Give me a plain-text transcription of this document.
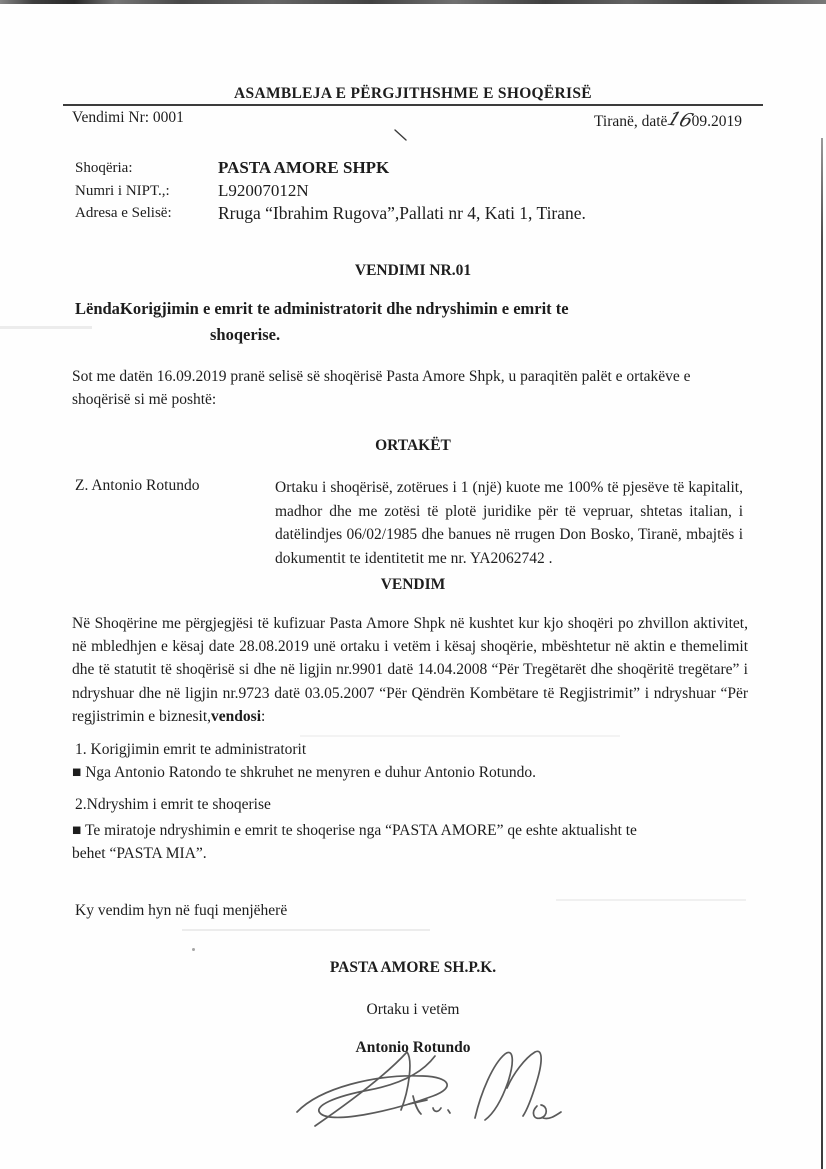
ASAMBLEJA E PËRGJITHSHME E SHOQËRISË
Vendimi Nr: 0001	Tiranë, datë1609.2019
Shoqëria:	PASTA AMORE SHPK
Numri i NIPT.,:	L92007012N
Adresa e Selisë:	Rruga “Ibrahim Rugova”,Pallati nr 4, Kati 1, Tirane.
VENDIMI NR.01
Lënda:
Korigjimin e emrit te administratorit dhe ndryshimin e emrit te
shoqerise.
Sot me datën 16.09.2019 pranë selisë së shoqërisë Pasta Amore Shpk, u paraqitën palët e ortakëve e shoqërisë si më poshtë:
ORTAKËT
Z. Antonio Rotundo	Ortaku i shoqërisë, zotërues i 1 (një) kuote me 100% të pjesëve të kapitalit, madhor dhe me zotësi të plotë juridike për të vepruar, shtetas italian, i datëlindjes 06/02/1985 dhe banues në rrugen Don Bosko, Tiranë, mbajtës i dokumentit te identitetit me nr. YA2062742 .
VENDIM
Në Shoqërine me përgjegjësi të kufizuar Pasta Amore Shpk në kushtet kur kjo shoqëri po zhvillon aktivitet, në mbledhjen e kësaj date 28.08.2019 unë ortaku i vetëm i kësaj shoqërie, mbështetur në aktin e themelimit dhe të statutit të shoqërisë si dhe në ligjin nr.9901 datë 14.04.2008 “Për Tregëtarët dhe shoqëritë tregëtare” i ndryshuar dhe në ligjin nr.9723 datë 03.05.2007 “Për Qëndrën Kombëtare të Regjistrimit” i ndryshuar “Për regjistrimin e biznesit,vendosi:
1. Korigjimin emrit te administratorit
■ Nga Antonio Ratondo te shkruhet ne menyren e duhur Antonio Rotundo.
2.Ndryshim i emrit te shoqerise
■ Te miratoje ndryshimin e emrit te shoqerise nga “PASTA AMORE” qe eshte aktualisht te behet “PASTA MIA”.
Ky vendim hyn në fuqi menjëherë
PASTA AMORE SH.P.K.
Ortaku i vetëm
Antonio Rotundo
